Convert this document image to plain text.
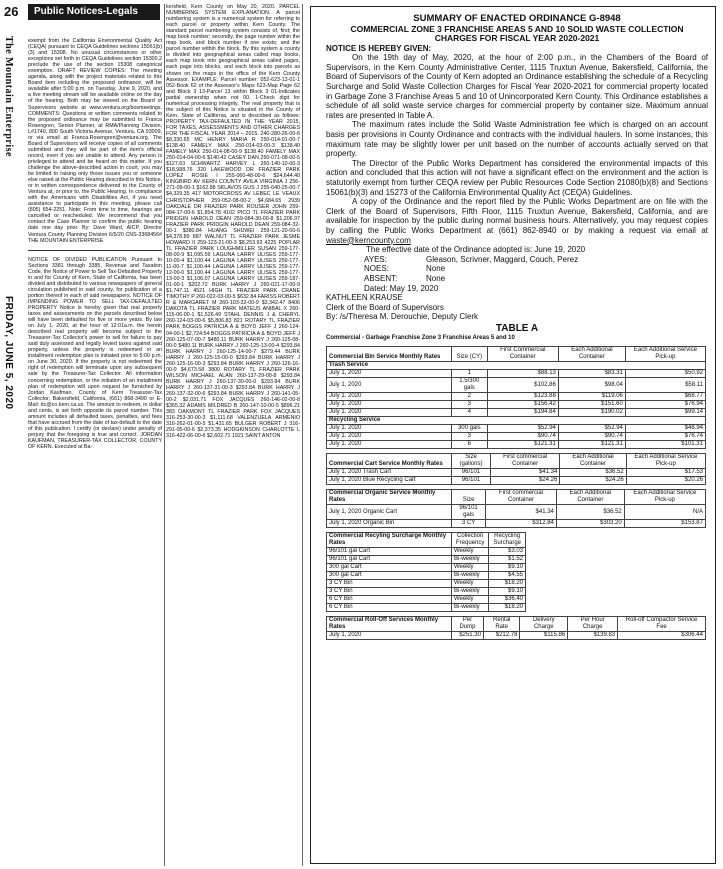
26	Public Notices-Legals (cont.)
The Mountain Enterprise
FRIDAY, JUNE 5, 2020

exempt from the California Environmental Quality Act (CEQA) pursuant to CEQA Guidelines sections 15061(b)(3) and 15308. No unusual circumstances or other exceptions set forth in CEQA Guidelines section 15300.2 preclude the use of the section 15308 categorical exemption. DRAFT REVIEW COPIES: The meeting agenda, along with the project materials related to this Board item including the proposed ordinance, will be available after 5:00 p.m. on Tuesday, June 9, 2020, and a live meeting stream will be available online on the day of the hearing. Both may be viewed on the Board of Supervisors website at www.ventura.org/bosmeetings. COMMENTS: Questions or written comments related to the proposed ordinance may be submitted to Franca Rosengren, Senior Planner, at RMA/Planning Division, L#1740, 800 South Victoria Avenue, Ventura, CA 93009, or via email at Franca.Rosengren@ventura.org. The Board of Supervisors will receive copies of all comments submitted and they will be part of the item's official record, even if you are unable to attend. Any person is privileged to attend and be heard on this matter. If you challenge the above-described action in court, you may be limited to raising only those issues you or someone else raised at the Public Hearing described in this Notice, or in written correspondence delivered to the County of Ventura at, or prior to, the Public Hearing. In compliance with the Americans with Disabilities Act, if you need assistance to participate in this meeting, please call (805) 654-2251. Note: From time to time, hearings are cancelled or rescheduled. We recommend that you contact the Case Planner to confirm the public hearing date one day prior. By: Dave Ward, AICP, Director Ventura County Planning Division 6/5/20 CNS-3368456# THE MOUNTAIN ENTERPRISE

NOTICE OF DIVIDED PUBLICATION Pursuant to Sections 3381 through 3385, Revenue and Taxation Code, the Notice of Power to Sell Tax-Defaulted Property in and for County of Kern, State of California, has been divided and distributed to various newspapers of general circulation published in said county, for publication of a portion thereof in each of said newspapers. NOTICE OF IMPENDING POWER TO SELL TAX-DEFAULTED PROPERTY Notice is hereby given that real property taxes and assessments on the parcels described below will have been defaulted for five or more years. By law on July 1, 2020, at the hour of 12:01a.m. the herein described real property will become subject to the Treasurer-Tax Collector's power to sell for failure to pay said duly assessed and legally levied taxes against said property, unless the property is redeemed or an installment redemption plan is initiated prior to 5:00 p.m. on June 30, 2020. If the property is not redeemed the right of redemption will terminate upon any subsequent sale by the Treasurer-Tax Collector. All information concerning redemption, or the initiation of an installment plan of redemption will upon request be furnished by Jordan Kaufman, County of Kern Treasurer-Tax Collector, Bakersfield, California, (661) 868-3490 or E-Mail: ttc@co.kern.ca.us. The amount to redeem, in dollar and cents, is set forth opposite its parcel number. This amount includes all defaulted taxes, penalties, and fees that have accrued from the date of tax-default to the date of this publication. I certify (or declare) under penalty of perjury that the foregoing is true and correct. JORDAN KAUFMAN, TREASURER-TAX COLLECTOR, COUNTY OF KERN. Executed at Ba-

kersfield, Kern County on May 20, 2020. PARCEL NUMBERING SYSTEM EXPLANATION. A parcel numbering system is a numerical system for referring to each parcel or property within Kern County. The standard parcel numbering system consists of, first; the map book number; secondly, the page number within the map book, and block number if one exists; and the parcel number within the block. By this system a county is divided into geographical areas called map books, each map book into geographical areas called pages, each page into blocks, and each block into parcels as shown on the maps in the office of the Kern County Assessor. EXAMPLE: Parcel number: 052-623-13-01-1 052-Book 62 of the Assessor's Maps 623-Map Page 62 and Block 3 13-Parcel 13 within Block 3 01-Indicates partial ownership when not 00. 1-Check digit for numerical processing integrity. The real property that is the subject of this Notice is situated in the County of Kern, State of California, and is described as follows: PROPERTY TAX-DEFAULTED IN THE YEAR 2015, FOR TAXES, ASSESSMENTS AND OTHER CHARGES FOR THE FISCAL YEAR 2014 – 2015. 240-280-26-00-6 $8,330.65 MC HENRY MARIA R 250-014-01-00-7 $138.40 FAMELY MAX 250-014-03-00-3 $138.40 FAMELY MAX 250-014-08-00-9 $138.40 FAMELY MAX 250-014-04-00-6 $140.42 CASEY DAN 250-071-08-00-5 $127.63 SCHWARTZ HARVEY L 260-140-10-00-3 $18,988.76 320 LAKEWOOD DR FRAZIER PARK LOPEZ ROSIE I 255-060-48-00-6 $24,644.40 KINGBIRD AV KERN COUNTY AVILA VIRGINIA J 256-271-09-00-1 $162.88 SKLAVOS GUS J 255-640-25-00-7 $4,329.35 417 MOTORCROSS AV LEBEC LE VEAUX CHRISTOPHER 259-052-08-00-2 $4,684.65 2939 OAKDALE DR FRAZIER PARK ROUSER JOHN 259-084-17-00-6 $1,854.78 4102 PICO TL FRAZIER PARK PRIDGIN HAROLD DEAN 259-084-30-00-8 $1,206.97 FRAZIER PARK PRIDGIN HAROLD DEAN 259-084-32-00-1 $380.84 HUANG SHUWEI 259-121-20-00-6 $4,378.89 887 WALNUT TL FRAZIER PARK JESME HOWARD II 259-123-21-00-3 $8,253.93 4225 POPLAR TL FRAZIER PARK LOUGHMILLER SUSAN 259-177-08-00-9 $1,095.59 LAGUNA LARRY ULISES 259-177-10-00-4 $1,100.44 LAGUNA LARRY ULISES 259-177-11-00-7 $1,100.44 LAGUNA LARRY ULISES 259-177-12-00-0 $1,100.44 LAGUNA LARRY ULISES 259-177-13-00-3 $1,106.07 LAGUNA LARRY ULISES 259-187-01-00-1 $202.72 BURK HARRY J 260-021-17-00-9 $1,747.11 4521 HIGH TL FRAZIER PARK CRANE TIMOTHY P 260-022-03-00-5 $632.84 FARISS ROBERT R & MARGARET M 260-103-32-00-9 $3,342.47 8406 DAKOTA TL FRAZIER PARK MATEUS ANIBAL X 260-115-06-00-1 $1,526.49 STAHL DENNIS J & CHERYL 260-124-03-00-6 $5,806.83 821 ROTARY TL FRAZIER PARK BOGGS PATRICIA A & BOYD JEFF J 260-124-04-00-1 $2,724.54 BOGGS PATRICIA A & BOYD JEFF J 260-125-07-00-7 $480.11 BURK HARRY J 260-125-08-00-0 $480.11 BURK HARRY J 260-125-13-00-4 $293.84 BURK HARRY J 260-125-14-00-7 $279.44 BURK HARRY J 260-125-15-00-0 $293.84 BURK HARRY J 260-125-16-00-3 $293.84 BURK HARRY J 260-126-16-00-0 $4,673.58 3800 ROTARY TL FRAZIER PARK WILSON MICHAEL ALAN 260-137-29-00-8 $293.84 BURK HARRY J 260-137-30-00-0 $293.84 BURK HARRY J 260-137-31-00-3 $293.84 BURK HARRY J 260-137-32-00-6 $293.84 BURK HARRY J 260-141-05-00-2 $2,031.71 FOX JACQUES 260-146-02-00-8 $365.32 ADAMS MILDRED B 260-147-10-00-5 $896.21 383 OAKMONT TL FRAZIER PARK FOX JACQUES 316-253-30-00-3 $1,111.68 VALENZUELA ARMENIO 316-262-01-00-5 $1,431.65 BULGER ROBERT J 316-291-05-00-6 $2,373.35 HODGKINSON CHARLOTTE L 316-422-06-00-6 $2,602.71 1921 SAINT ANTON

SUMMARY OF ENACTED ORDINANCE G-8948
COMMERCIAL ZONE 3 FRANCHISE AREAS 5 AND 10 SOLID WASTE COLLECTION
CHARGES FOR FISCAL YEAR 2020-2021

NOTICE IS HEREBY GIVEN:

On the 19th day of May, 2020, at the hour of 2:00 p.m., in the Chambers of the Board of Supervisors, in the Kern County Administrative Center, 1115 Truxtun Avenue, Bakersfield, California, the Board of Supervisors of the County of Kern adopted an Ordinance establishing the schedule of a Recycling Surcharge and Solid Waste Collection Charges for Fiscal Year 2020-2021 for commercial property located in Garbage Zone 3 Franchise Areas 5 and 10 of Unincorporated Kern County. This Ordinance establishes a schedule of all solid waste service charges for commercial property by container size. Maximum annual rates are presented in Table A.

The maximum rates include the Solid Waste Administration fee which is charged on an account basis per provisions in County Ordinance and contracts with the individual haulers. In some instances, this maximum rate may be slightly lower per unit based on the number of accounts actually served on that property.

The Director of the Public Works Department has considered the environmental impacts of this action and concluded that this action will not have a significant effect on the environment and the action is statutorily exempt from further CEQA review per Public Resources Code Section 21080(b)(8) and Sections 15061(b)(3) and 15273 of the California Environmental Quality Act (CEQA) Guidelines.

A copy of the Ordinance and the report filed by the Public Works Department are on file with the Clerk of the Board of Supervisors, Fifth Floor, 1115 Truxtun Avenue, Bakersfield, California, and are available for inspection by the public during normal business hours. Alternatively, you may request copies by calling the Public Works Department at (661) 862-8940 or by making a request via email at waste@kerncounty.com

The effective date of the Ordinance adopted is: June 19, 2020

AYES:	Gleason, Scrivner, Maggard, Couch, Perez
NOES:	None
ABSENT:	None
Dated: May 19, 2020

KATHLEEN KRAUSE

Clerk of the Board of Supervisors

By: /s/Theresa M. Derouchie, Deputy Clerk

TABLE A
Commercial - Garbage Franchise Zone 3 Franchise Areas 5 and 10
Commercial Bin Service Monthly Rates	Size (CY)	First Commercial Container	Each Additional Container	Each Additional Service Pick-up
Trash Service				
July 1, 2020	1	$88.13	$83.31	$50.92
July 1, 2020	1.5/300 gals	$102.86	$98.04	$58.11
July 1, 2020	2	$123.88	$119.06	$68.77
July 1, 2020	3	$156.42	$151.60	$76.94
July 1, 2020	4	$194.84	$190.02	$99.14
Recycling Service				
July 1, 2020	300 gals	$52.94	$52.94	$48.94
July 1, 2020	3	$90.74	$90.74	$76.74
July 1, 2020	6	$121.31	$121.31	$101.31
Commercial Cart Service Monthly Rates	Size (gallons)	First commercial Container	Each Additional Container	Each Additional Service Pick-up
July 1, 2020 Trash Cart	96/101	$41.34	$36.52	$17.53
July 1, 2020 Blue Recycling Cart	96/101	$24.26	$24.26	$20.26
Commercial Organic Service Monthly Rates	Size	First commercial Container	Each Additional Container	Each Additional Service Pick-up
July 1, 2020 Organic Cart	96/101 gals	$41.34	$36.52	N/A
July 1, 2020 Organic Bin	3 CY	$312.84	$303.20	$153.87
Commercial Recyling Surcharge Monthly Rates	Collection Frequency	Recycling Surcharge
96/101 gal Cart	Weekly	$3.03
96/101 gal Cart	Bi-weekly	$1.52
300 gal Cart	Weekly	$9.10
300 gal Cart	Bi-weekly	$4.55
3 CY Bin	Weekly	$18.20
3 CY Bin	Bi-weekly	$9.10
6 CY Bin	Weekly	$36.40
6 CY Bin	Bi-weekly	$18.20
Commercial Roll-Off Services Monthly Rates	Per Dump	Rental Rate	Delivery Charge	Per Hour Charge	Roll-off Compactor Service Fee
July 1, 2020	$251.30	$212.78	$115.86	$139.83	$306.44
